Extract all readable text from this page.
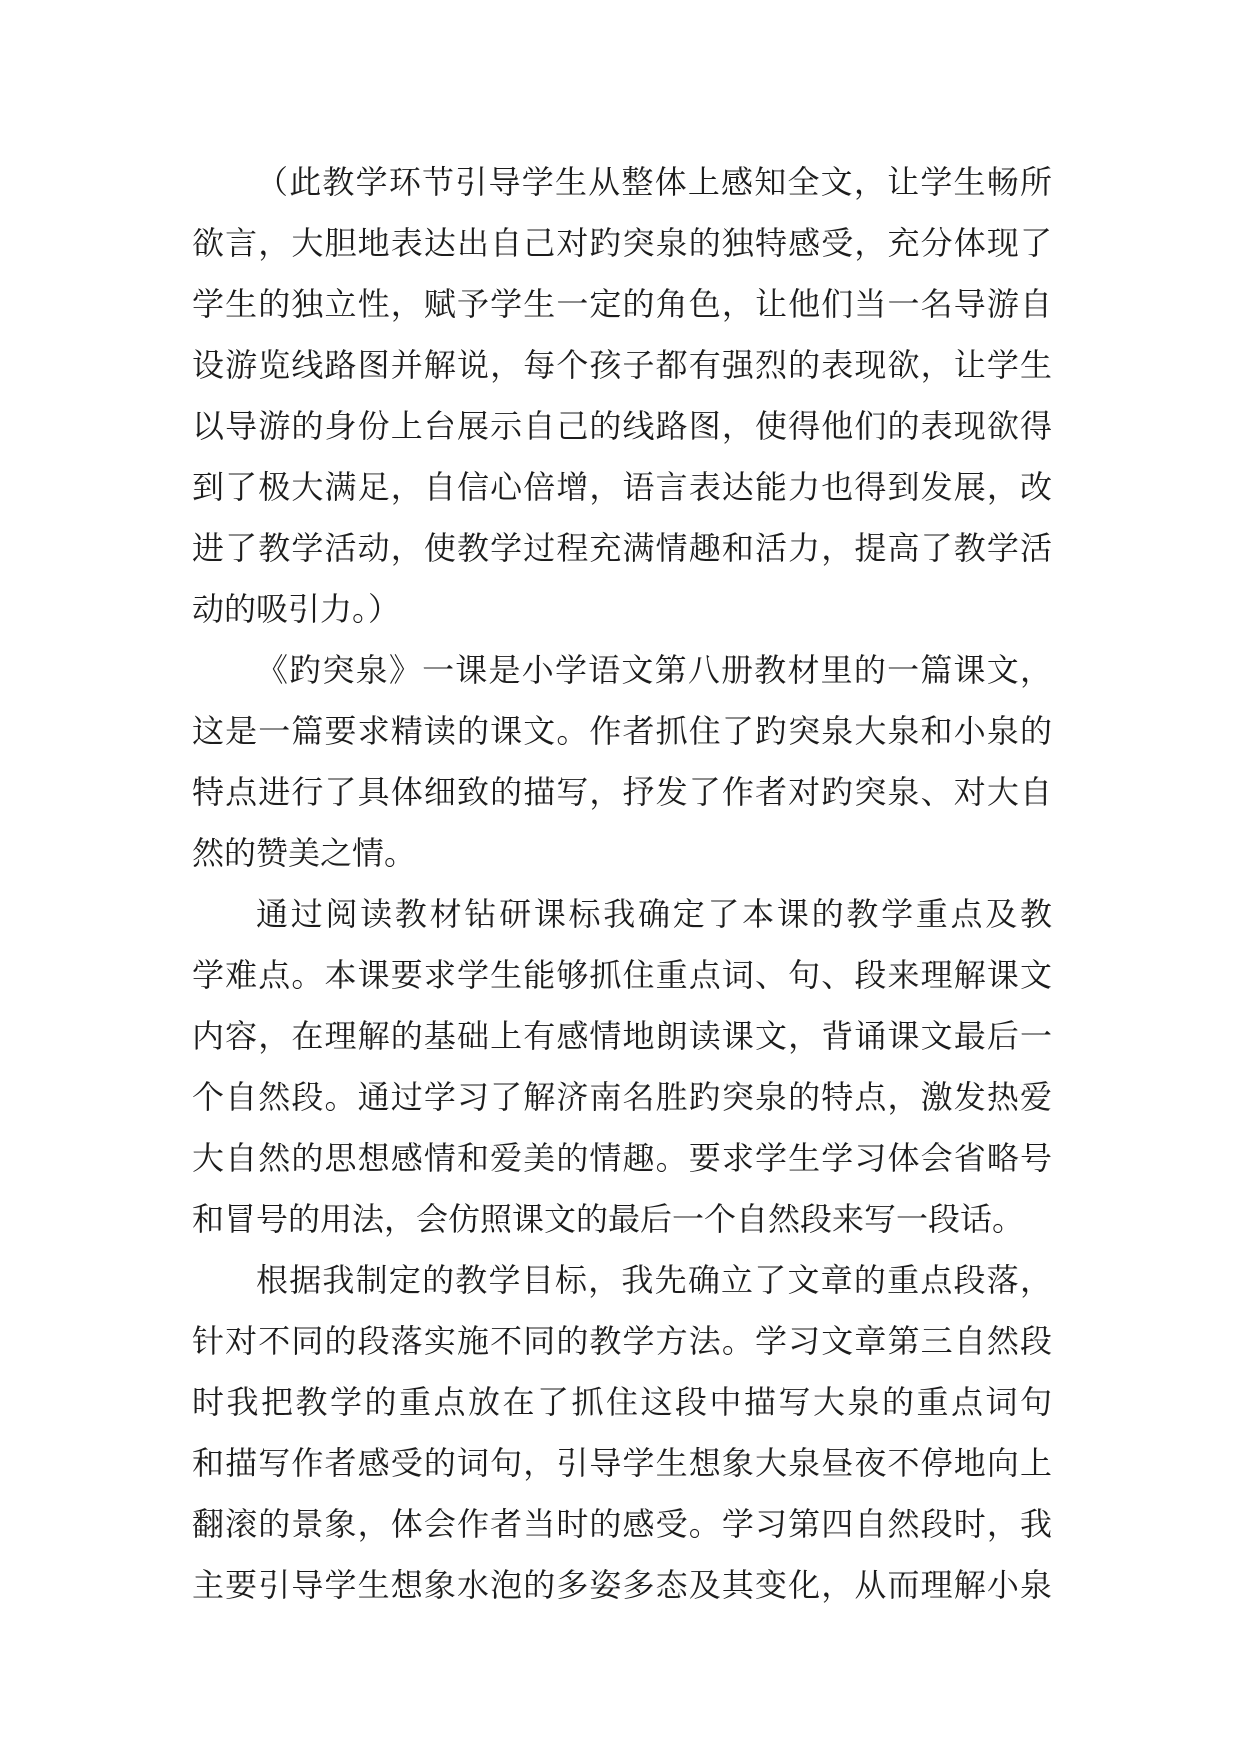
（此教学环节引导学生从整体上感知全文，让学生畅所
欲言，大胆地表达出自己对趵突泉的独特感受，充分体现了
学生的独立性，赋予学生一定的角色，让他们当一名导游自
设游览线路图并解说，每个孩子都有强烈的表现欲，让学生
以导游的身份上台展示自己的线路图，使得他们的表现欲得
到了极大满足，自信心倍增，语言表达能力也得到发展，改
进了教学活动，使教学过程充满情趣和活力，提高了教学活
动的吸引力。）
《趵突泉》一课是小学语文第八册教材里的一篇课文，
这是一篇要求精读的课文。作者抓住了趵突泉大泉和小泉的
特点进行了具体细致的描写，抒发了作者对趵突泉、对大自
然的赞美之情。
通过阅读教材钻研课标我确定了本课的教学重点及教
学难点。本课要求学生能够抓住重点词、句、段来理解课文
内容，在理解的基础上有感情地朗读课文，背诵课文最后一
个自然段。通过学习了解济南名胜趵突泉的特点，激发热爱
大自然的思想感情和爱美的情趣。要求学生学习体会省略号
和冒号的用法，会仿照课文的最后一个自然段来写一段话。
根据我制定的教学目标，我先确立了文章的重点段落，
针对不同的段落实施不同的教学方法。学习文章第三自然段
时我把教学的重点放在了抓住这段中描写大泉的重点词句
和描写作者感受的词句，引导学生想象大泉昼夜不停地向上
翻滚的景象，体会作者当时的感受。学习第四自然段时，我
主要引导学生想象水泡的多姿多态及其变化，从而理解小泉
